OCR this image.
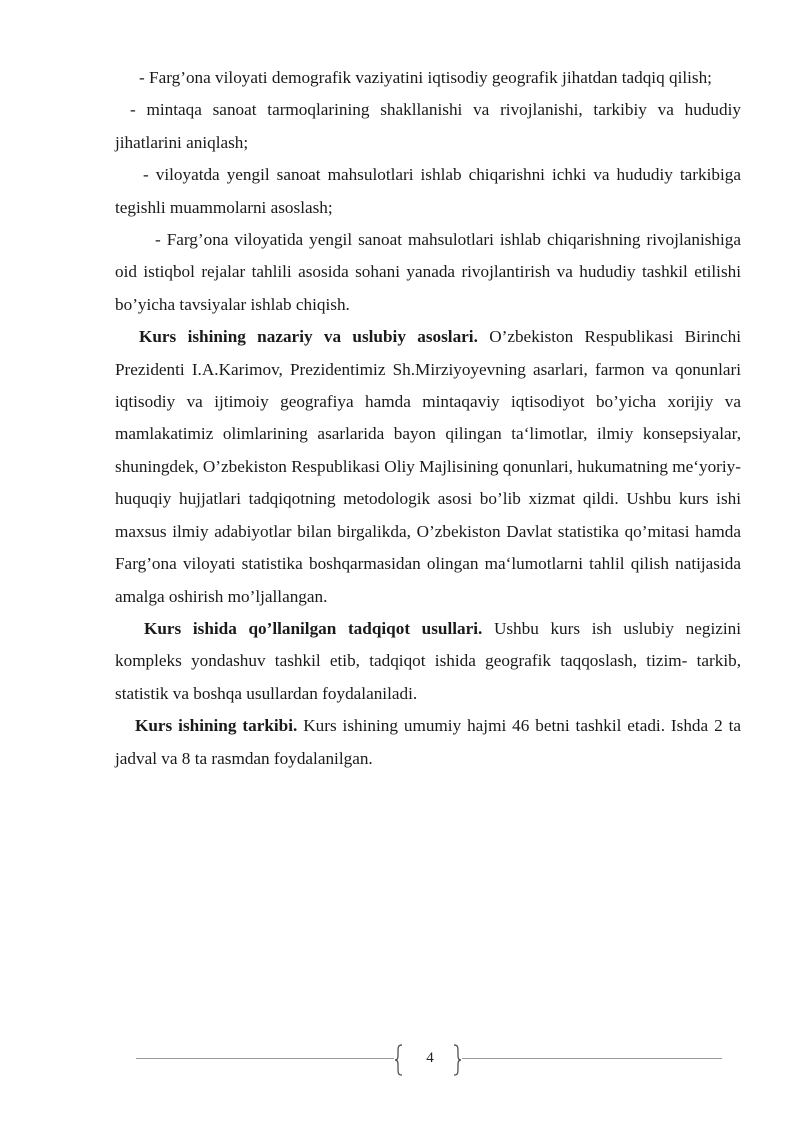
- Farg’ona viloyati demografik vaziyatini iqtisodiy geografik jihatdan tadqiq qilish;

- mintaqa sanoat tarmoqlarining shakllanishi va rivojlanishi, tarkibiy va hududiy jihatlarini aniqlash;

- viloyatda yengil sanoat mahsulotlari ishlab chiqarishni ichki va hududiy tarkibiga tegishli muammolarni asoslash;

- Farg’ona viloyatida yengil sanoat mahsulotlari ishlab chiqarishning rivojlanishiga oid istiqbol rejalar tahlili asosida sohani yanada rivojlantirish va hududiy tashkil etilishi bo’yicha tavsiyalar ishlab chiqish.

Kurs ishining nazariy va uslubiy asoslari. O’zbekiston Respublikasi Birinchi Prezidenti I.A.Karimov, Prezidentimiz Sh.Mirziyoyevning asarlari, farmon va qonunlari iqtisodiy va ijtimoiy geografiya hamda mintaqaviy iqtisodiyot bo’yicha xorijiy va mamlakatimiz olimlarining asarlarida bayon qilingan ta‘limotlar, ilmiy konsepsiyalar, shuningdek, O’zbekiston Respublikasi Oliy Majlisining qonunlari, hukumatning me‘yoriy-huquqiy hujjatlari tadqiqotning metodologik asosi bo’lib xizmat qildi. Ushbu kurs ishi maxsus ilmiy adabiyotlar bilan birgalikda, O’zbekiston Davlat statistika qo’mitasi hamda Farg’ona viloyati statistika boshqarmasidan olingan ma‘lumotlarni tahlil qilish natijasida amalga oshirish mo’ljallangan.

Kurs ishida qo’llanilgan tadqiqot usullari. Ushbu kurs ish uslubiy negizini kompleks yondashuv tashkil etib, tadqiqot ishida geografik taqqoslash, tizim- tarkib, statistik va boshqa usullardan foydalaniladi.

Kurs ishining tarkibi. Kurs ishining umumiy hajmi 46 betni tashkil etadi. Ishda 2 ta jadval va 8 ta rasmdan foydalanilgan.

4
